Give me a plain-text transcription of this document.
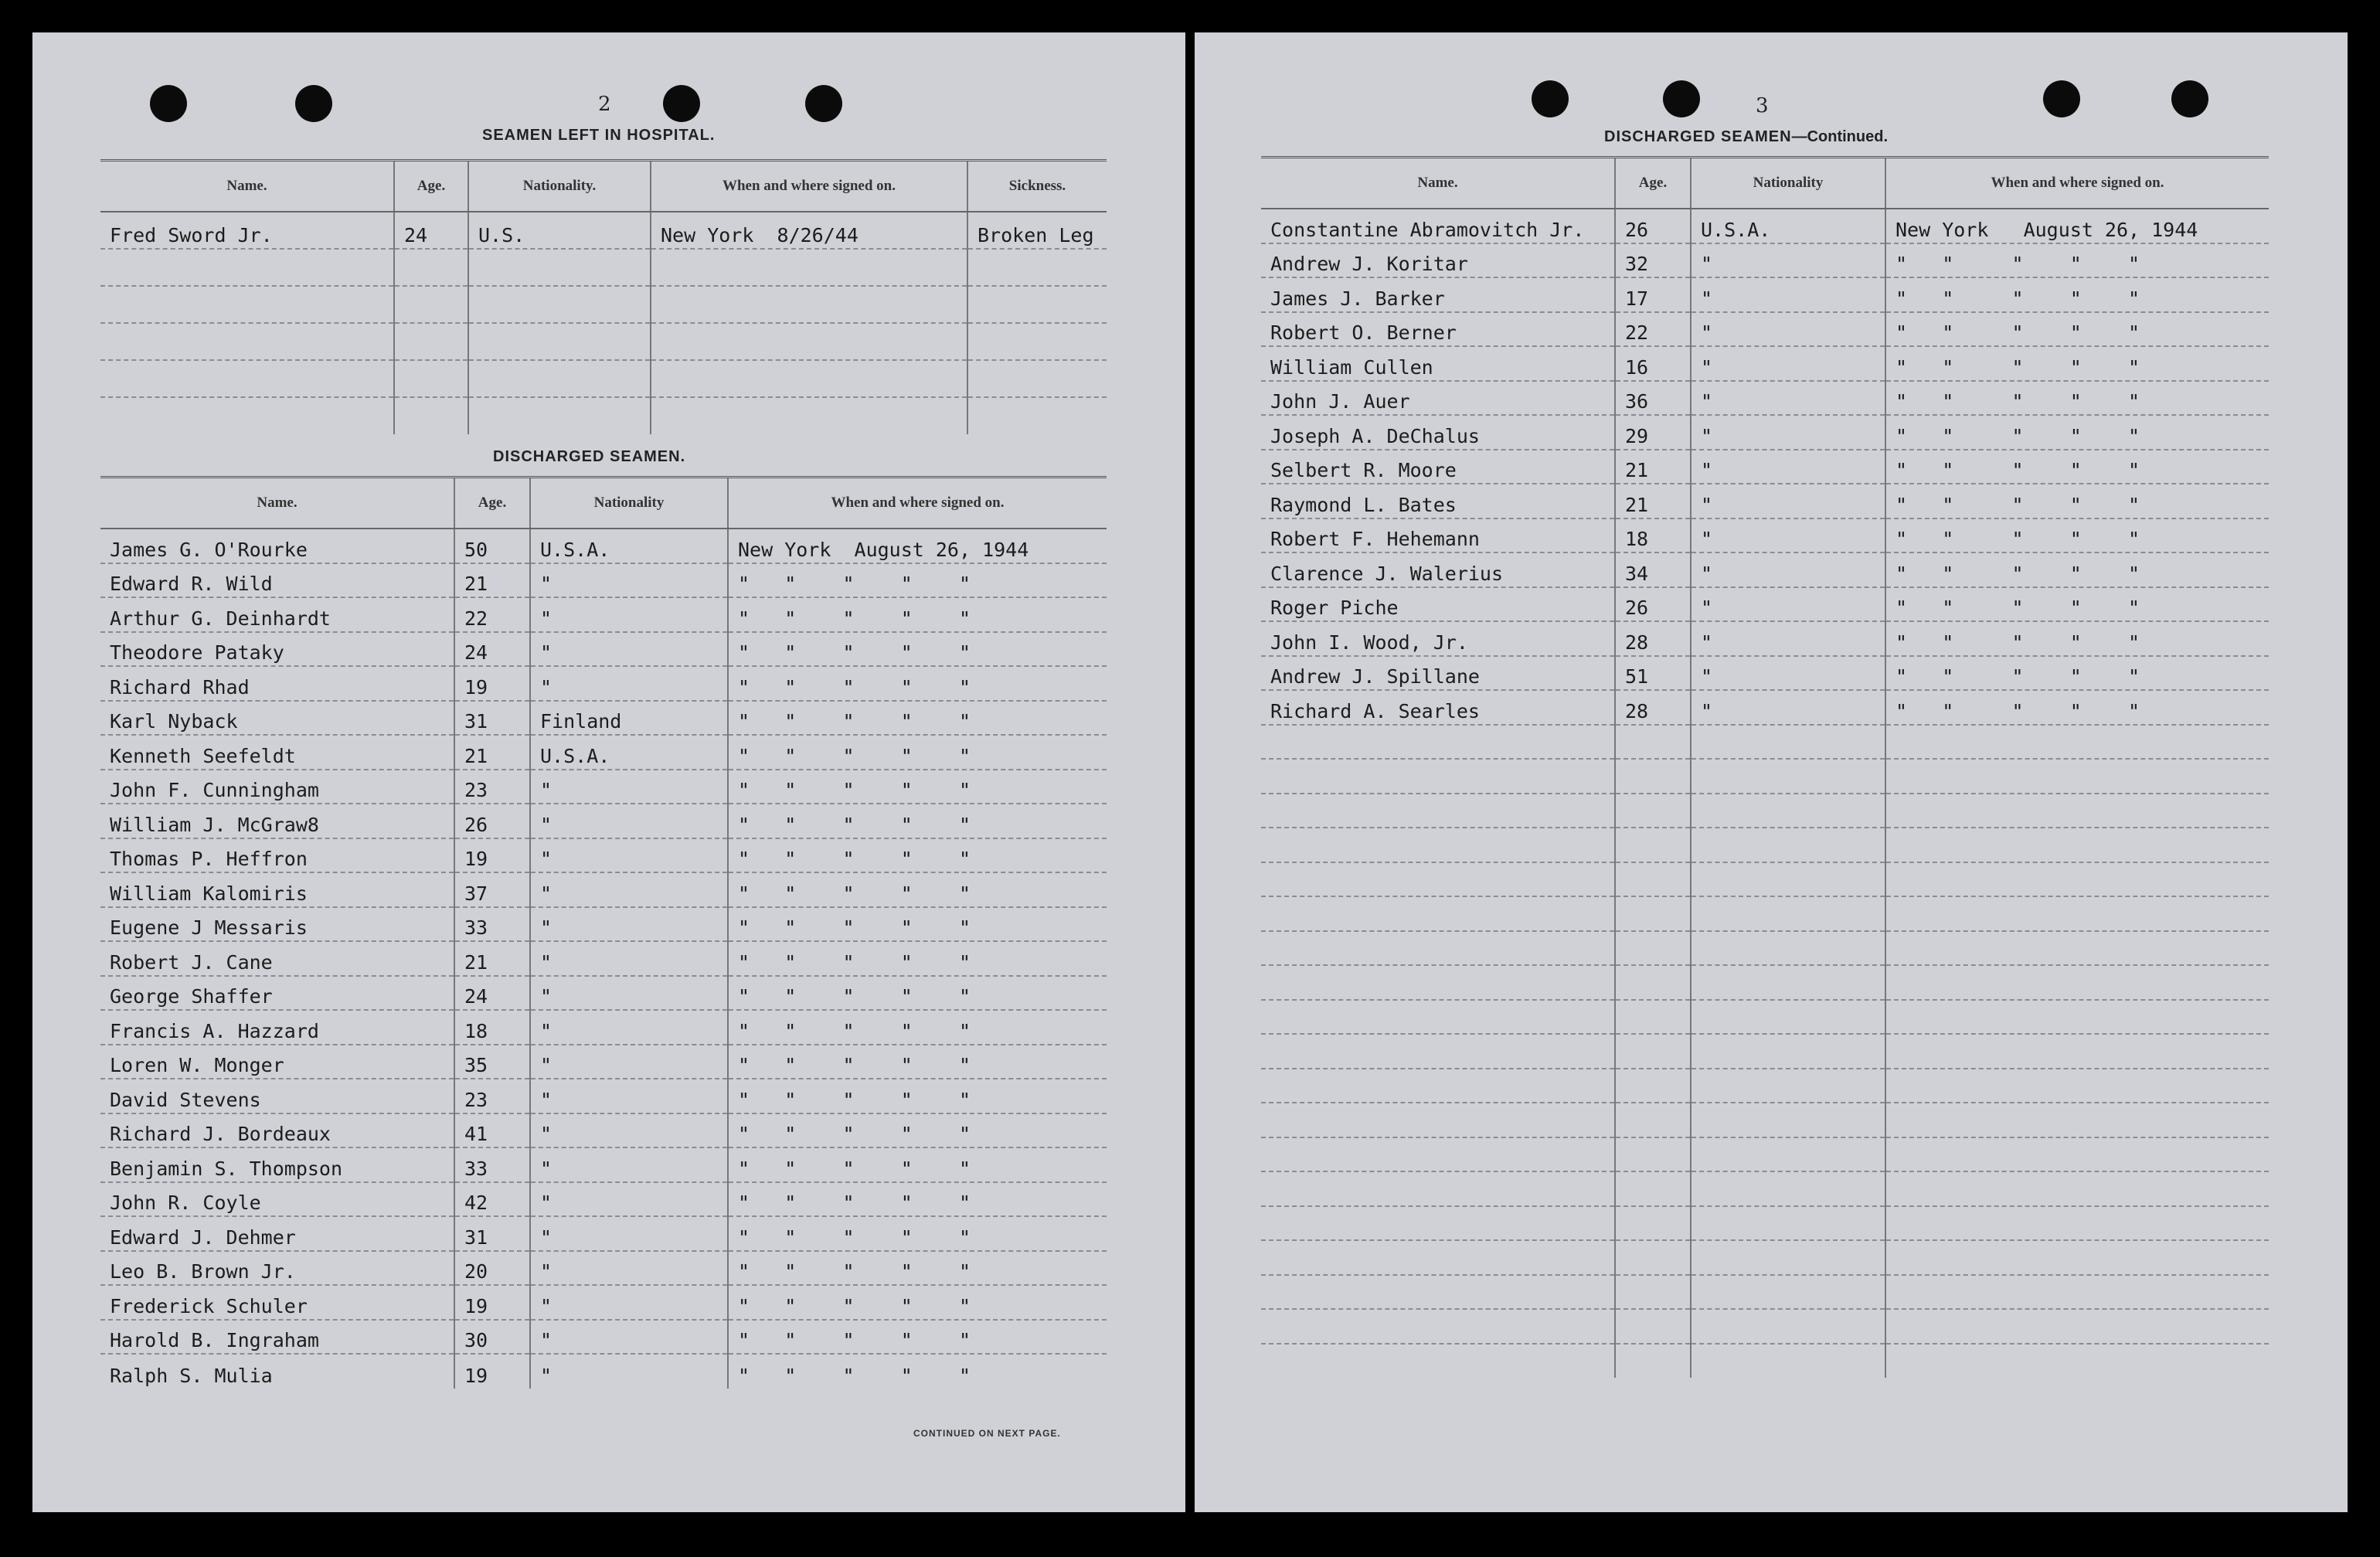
2
SEAMEN LEFT IN HOSPITAL.
Name.	Age.	Nationality.	When and where signed on.	Sickness.
Fred Sword Jr.	24	U.S.	New York  8/26/44	Broken Leg

DISCHARGED SEAMEN.
Name.	Age.	Nationality	When and where signed on.
James G. O'Rourke	50	U.S.A.	New York  August 26, 1944
Edward R. Wild	21	"	"   "    "    "    "
Arthur G. Deinhardt	22	"	"   "    "    "    "
Theodore Pataky	24	"	"   "    "    "    "
Richard Rhad	19	"	"   "    "    "    "
Karl Nyback	31	Finland	"   "    "    "    "
Kenneth Seefeldt	21	U.S.A.	"   "    "    "    "
John F. Cunningham	23	"	"   "    "    "    "
William J. McGraw8	26	"	"   "    "    "    "
Thomas P. Heffron	19	"	"   "    "    "    "
William Kalomiris	37	"	"   "    "    "    "
Eugene J Messaris	33	"	"   "    "    "    "
Robert J. Cane	21	"	"   "    "    "    "
George Shaffer	24	"	"   "    "    "    "
Francis A. Hazzard	18	"	"   "    "    "    "
Loren W. Monger	35	"	"   "    "    "    "
David Stevens	23	"	"   "    "    "    "
Richard J. Bordeaux	41	"	"   "    "    "    "
Benjamin S. Thompson	33	"	"   "    "    "    "
John R. Coyle	42	"	"   "    "    "    "
Edward J. Dehmer	31	"	"   "    "    "    "
Leo B. Brown Jr.	20	"	"   "    "    "    "
Frederick Schuler	19	"	"   "    "    "    "
Harold B. Ingraham	30	"	"   "    "    "    "
Ralph S. Mulia	19	"	"   "    "    "    "
CONTINUED ON NEXT PAGE.
3
DISCHARGED SEAMEN—Continued.
Name.	Age.	Nationality	When and where signed on.
Constantine Abramovitch Jr.	26	U.S.A.	New York   August 26, 1944
Andrew J. Koritar	32	"	"   "     "    "    "
James J. Barker	17	"	"   "     "    "    "
Robert O. Berner	22	"	"   "     "    "    "
William Cullen	16	"	"   "     "    "    "
John J. Auer	36	"	"   "     "    "    "
Joseph A. DeChalus	29	"	"   "     "    "    "
Selbert R. Moore	21	"	"   "     "    "    "
Raymond L. Bates	21	"	"   "     "    "    "
Robert F. Hehemann	18	"	"   "     "    "    "
Clarence J. Walerius	34	"	"   "     "    "    "
Roger Piche	26	"	"   "     "    "    "
John I. Wood, Jr.	28	"	"   "     "    "    "
Andrew J. Spillane	51	"	"   "     "    "    "
Richard A. Searles	28	"	"   "     "    "    "
